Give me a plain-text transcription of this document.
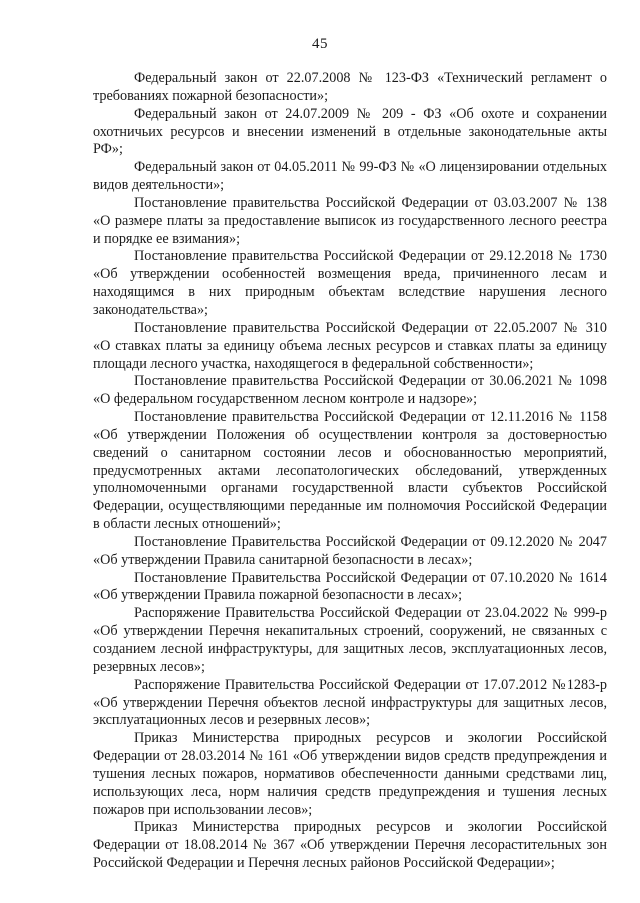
45

Федеральный закон от 22.07.2008 № 123-ФЗ «Технический регламент о требованиях пожарной безопасности»;

Федеральный закон от 24.07.2009 № 209 - ФЗ «Об охоте и сохранении охотничьих ресурсов и внесении изменений в отдельные законодательные акты РФ»;

Федеральный закон от 04.05.2011 № 99-ФЗ № «О лицензировании отдельных видов деятельности»;

Постановление правительства Российской Федерации от 03.03.2007 № 138 «О размере платы за предоставление выписок из государственного лесного реестра и порядке ее взимания»;

Постановление правительства Российской Федерации от 29.12.2018 № 1730 «Об утверждении особенностей возмещения вреда, причиненного лесам и находящимся в них природным объектам вследствие нарушения лесного законодательства»;

Постановление правительства Российской Федерации от 22.05.2007 № 310 «О ставках платы за единицу объема лесных ресурсов и ставках платы за единицу площади лесного участка, находящегося в федеральной собственности»;

Постановление правительства Российской Федерации от 30.06.2021 № 1098 «О федеральном государственном лесном контроле и надзоре»;

Постановление правительства Российской Федерации от 12.11.2016 № 1158 «Об утверждении Положения об осуществлении контроля за достоверностью сведений о санитарном состоянии лесов и обоснованностью мероприятий, предусмотренных актами лесопатологических обследований, утвержденных уполномоченными органами государственной власти субъектов Российской Федерации, осуществляющими переданные им полномочия Российской Федерации в области лесных отношений»;

Постановление Правительства Российской Федерации от 09.12.2020 № 2047 «Об утверждении Правила санитарной безопасности в лесах»;

Постановление Правительства Российской Федерации от 07.10.2020 № 1614 «Об утверждении Правила пожарной безопасности в лесах»;

Распоряжение Правительства Российской Федерации от 23.04.2022 № 999-р «Об утверждении Перечня некапитальных строений, сооружений, не связанных с созданием лесной инфраструктуры, для защитных лесов, эксплуатационных лесов, резервных лесов»;

Распоряжение Правительства Российской Федерации от 17.07.2012 №1283-р «Об утверждении Перечня объектов лесной инфраструктуры для защитных лесов, эксплуатационных лесов и резервных лесов»;

Приказ Министерства природных ресурсов и экологии Российской Федерации от 28.03.2014 № 161 «Об утверждении видов средств предупреждения и тушения лесных пожаров, нормативов обеспеченности данными средствами лиц, использующих леса, норм наличия средств предупреждения и тушения лесных пожаров при использовании лесов»;

Приказ Министерства природных ресурсов и экологии Российской Федерации от 18.08.2014 № 367 «Об утверждении Перечня лесорастительных зон Российской Федерации и Перечня лесных районов Российской Федерации»;
